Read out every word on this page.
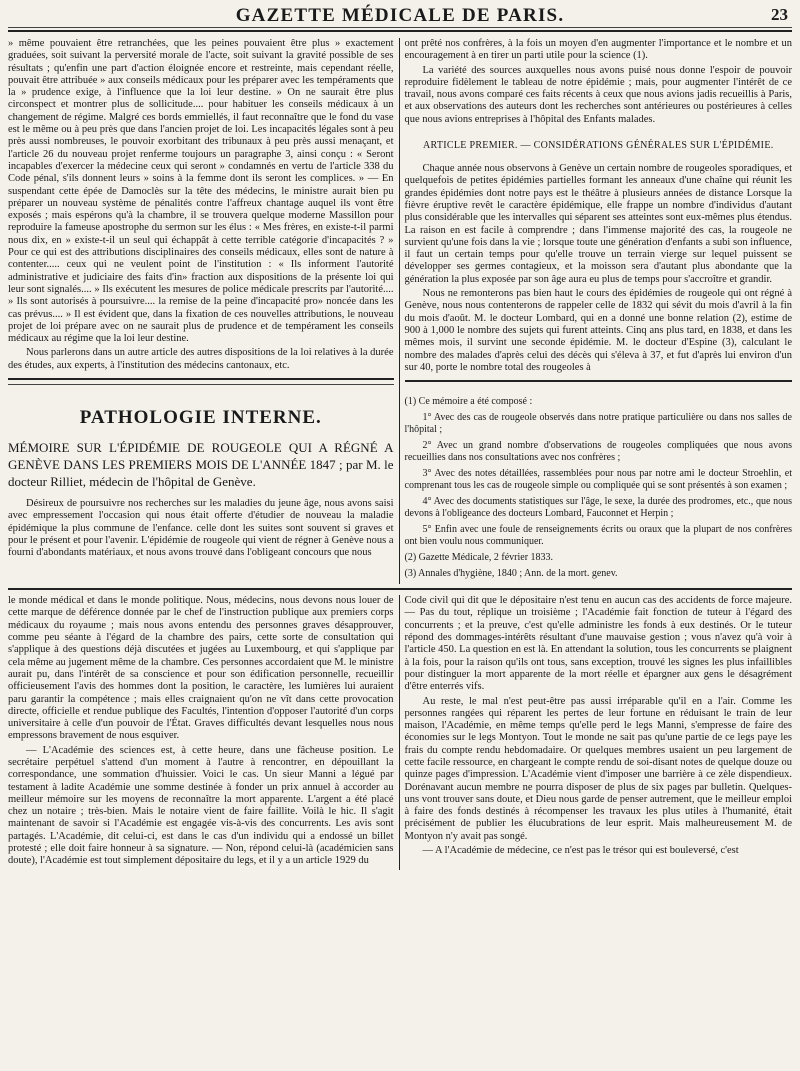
GAZETTE MÉDICALE DE PARIS.	23

» même pouvaient être retranchées, que les peines pouvaient être plus » exactement graduées, soit suivant la perversité morale de l'acte, soit suivant la gravité possible de ses résultats ; qu'enfin une part d'action éloignée encore et restreinte, mais cependant réelle, pouvait être attribuée » aux conseils médicaux pour les préparer avec les tempéraments que la » prudence exige, à l'influence que la loi leur destine. » On ne saurait être plus circonspect et montrer plus de sollicitude.... pour habituer les conseils médicaux à un changement de régime. Malgré ces bords emmiellés, il faut reconnaître que le fond du vase est le même ou à peu près que dans l'ancien projet de loi. Les incapacités légales sont à peu près aussi nombreuses, le pouvoir exorbitant des tribunaux à peu près aussi menaçant, et l'article 26 du nouveau projet renferme toujours un paragraphe 3, ainsi conçu : « Seront incapables d'exercer la médecine ceux qui seront » condamnés en vertu de l'article 338 du Code pénal, s'ils donnent leurs » soins à la femme dont ils seront les complices. » — En suspendant cette épée de Damoclès sur la tête des médecins, le ministre aurait bien pu préparer un nouveau système de pénalités contre l'affreux chantage auquel ils vont être exposés ; mais espérons qu'à la chambre, il se trouvera quelque moderne Massillon pour reproduire la fameuse apostrophe du sermon sur les élus : « Mes frères, en existe-t-il parmi nous dix, en » existe-t-il un seul qui échappât à cette terrible catégorie d'incapacités ? » Pour ce qui est des attributions disciplinaires des conseils médicaux, elles sont de nature à contenter..... ceux qui ne veulent point de l'institution : « Ils informent l'autorité administrative et judiciaire des faits d'in» fraction aux dispositions de la présente loi qui leur sont signalés.... » Ils exécutent les mesures de police médicale prescrits par l'autorité.... » Ils sont autorisés à poursuivre.... la remise de la peine d'incapacité pro» noncée dans les cas prévus.... » Il est évident que, dans la fixation de ces nouvelles attributions, le nouveau projet de loi prépare avec on ne saurait plus de prudence et de tempérament les conseils médicaux au régime que la loi leur destine.

Nous parlerons dans un autre article des autres dispositions de la loi relatives à la durée des études, aux experts, à l'institution des médecins cantonaux, etc.

PATHOLOGIE INTERNE.
MÉMOIRE SUR L'ÉPIDÉMIE DE ROUGEOLE QUI A RÉGNÉ A GENÈVE DANS LES PREMIERS MOIS DE L'ANNÉE 1847 ; par M. le docteur Rilliet, médecin de l'hôpital de Genève.

Désireux de poursuivre nos recherches sur les maladies du jeune âge, nous avons saisi avec empressement l'occasion qui nous était offerte d'étudier de nouveau la maladie épidémique la plus commune de l'enfance. celle dont les suites sont souvent si graves et pour le présent et pour l'avenir. L'épidémie de rougeole qui vient de régner à Genève nous a fourni d'abondants matériaux, et nous avons trouvé dans l'obligeant concours que nous

ont prêté nos confrères, à la fois un moyen d'en augmenter l'importance et le nombre et un encouragement à en tirer un parti utile pour la science (1).

La variété des sources auxquelles nous avons puisé nous donne l'espoir de pouvoir reproduire fidèlement le tableau de notre épidémie ; mais, pour augmenter l'intérêt de ce travail, nous avons comparé ces faits récents à ceux que nous avions jadis recueillis à Paris, et aux observations des auteurs dont les recherches sont antérieures ou postérieures à celles que nous avions entreprises à l'hôpital des Enfants malades.

ARTICLE PREMIER. — CONSIDÉRATIONS GÉNÉRALES SUR L'ÉPIDÉMIE.

Chaque année nous observons à Genève un certain nombre de rougeoles sporadiques, et quelquefois de petites épidémies partielles formant les anneaux d'une chaîne qui réunit les grandes épidémies dont notre pays est le théâtre à plusieurs années de distance Lorsque la fièvre éruptive revêt le caractère épidémique, elle frappe un nombre d'individus d'autant plus considérable que les intervalles qui séparent ses atteintes sont eux-mêmes plus étendus. La raison en est facile à comprendre ; dans l'immense majorité des cas, la rougeole ne survient qu'une fois dans la vie ; lorsque toute une génération d'enfants a subi son influence, il faut un certain temps pour qu'elle trouve un terrain vierge sur lequel puissent se développer ses germes contagieux, et la moisson sera d'autant plus abondante que la génération la plus exposée par son âge aura eu plus de temps pour s'accroître et grandir.

Nous ne remonterons pas bien haut le cours des épidémies de rougeole qui ont régné à Genève, nous nous contenterons de rappeler celle de 1832 qui sévit du mois d'avril à la fin du mois d'août. M. le docteur Lombard, qui en a donné une bonne relation (2), estime de 900 à 1,000 le nombre des sujets qui furent atteints. Cinq ans plus tard, en 1838, et dans les mêmes mois, il survint une seconde épidémie. M. le docteur d'Espine (3), calculant le nombre des malades d'après celui des décès qui s'éleva à 37, et fut d'après lui environ d'un sur 40, porte le nombre total des rougeoles à

(1) Ce mémoire a été composé :

1° Avec des cas de rougeole observés dans notre pratique particulière ou dans nos salles de l'hôpital ;

2° Avec un grand nombre d'observations de rougeoles compliquées que nous avons recueillies dans nos consultations avec nos confrères ;

3° Avec des notes détaillées, rassemblées pour nous par notre ami le docteur Stroehlin, et comprenant tous les cas de rougeole simple ou compliquée qui se sont présentés à son examen ;

4° Avec des documents statistiques sur l'âge, le sexe, la durée des prodromes, etc., que nous devons à l'obligeance des docteurs Lombard, Fauconnet et Herpin ;

5° Enfin avec une foule de renseignements écrits ou oraux que la plupart de nos confrères ont bien voulu nous communiquer.

(2) Gazette Médicale, 2 février 1833.

(3) Annales d'hygiène, 1840 ; Ann. de la mort. genev.

le monde médical et dans le monde politique. Nous, médecins, nous devons nous louer de cette marque de déférence donnée par le chef de l'instruction publique aux premiers corps médicaux du royaume ; mais nous avons entendu des personnes graves désapprouver, comme peu séante à l'égard de la chambre des pairs, cette sorte de consultation qui s'applique à des questions déjà discutées et jugées au Luxembourg, et qui s'applique par cela même au jugement même de la chambre. Ces personnes accordaient que M. le ministre aurait pu, dans l'intérêt de sa conscience et pour son édification personnelle, recueillir officieusement l'avis des hommes dont la position, le caractère, les lumières lui auraient paru garantir la compétence ; mais elles craignaient qu'on ne vît dans cette provocation directe, officielle et rendue publique des Facultés, l'intention d'opposer l'autorité d'un corps universitaire à celle d'un pouvoir de l'État. Graves difficultés devant lesquelles nous nous empressons bravement de nous esquiver.

— L'Académie des sciences est, à cette heure, dans une fâcheuse position. Le secrétaire perpétuel s'attend d'un moment à l'autre à rencontrer, en dépouillant la correspondance, une sommation d'huissier. Voici le cas. Un sieur Manni a légué par testament à ladite Académie une somme destinée à fonder un prix annuel à accorder au meilleur mémoire sur les moyens de reconnaître la mort apparente. L'argent a été placé chez un notaire ; très-bien. Mais le notaire vient de faire faillite. Voilà le hic. Il s'agit maintenant de savoir si l'Académie est engagée vis-à-vis des concurrents. Les avis sont partagés. L'Académie, dit celui-ci, est dans le cas d'un individu qui a endossé un billet protesté ; elle doit faire honneur à sa signature. — Non, répond celui-là (académicien sans doute), l'Académie est tout simplement dépositaire du legs, et il y a un article 1929 du

Code civil qui dit que le dépositaire n'est tenu en aucun cas des accidents de force majeure. — Pas du tout, réplique un troisième ; l'Académie fait fonction de tuteur à l'égard des concurrents ; et la preuve, c'est qu'elle administre les fonds à eux destinés. Or le tuteur répond des dommages-intérêts résultant d'une mauvaise gestion ; vous n'avez qu'à voir à l'article 450. La question en est là. En attendant la solution, tous les concurrents se plaignent à la fois, pour la raison qu'ils ont tous, sans exception, trouvé les signes les plus infaillibles pour distinguer la mort apparente de la mort réelle et épargner aux gens le désagrément d'être enterrés vifs.

Au reste, le mal n'est peut-être pas aussi irréparable qu'il en a l'air. Comme les personnes rangées qui réparent les pertes de leur fortune en réduisant le train de leur maison, l'Académie, en même temps qu'elle perd le legs Manni, s'empresse de faire des économies sur le legs Montyon. Tout le monde ne sait pas qu'une partie de ce legs paye les frais du compte rendu hebdomadaire. Or quelques membres usaient un peu largement de cette facile ressource, en chargeant le compte rendu de soi-disant notes de quelque douze ou quinze pages d'impression. L'Académie vient d'imposer une barrière à ce zèle dispendieux. Dorénavant aucun membre ne pourra disposer de plus de six pages par bulletin. Quelques-uns vont trouver sans doute, et Dieu nous garde de penser autrement, que le meilleur emploi à faire des fonds destinés à récompenser les travaux les plus utiles à l'humanité, était précisément de publier les élucubrations de leur esprit. Mais malheureusement M. de Montyon n'y avait pas songé.

— A l'Académie de médecine, ce n'est pas le trésor qui est bouleversé, c'est
